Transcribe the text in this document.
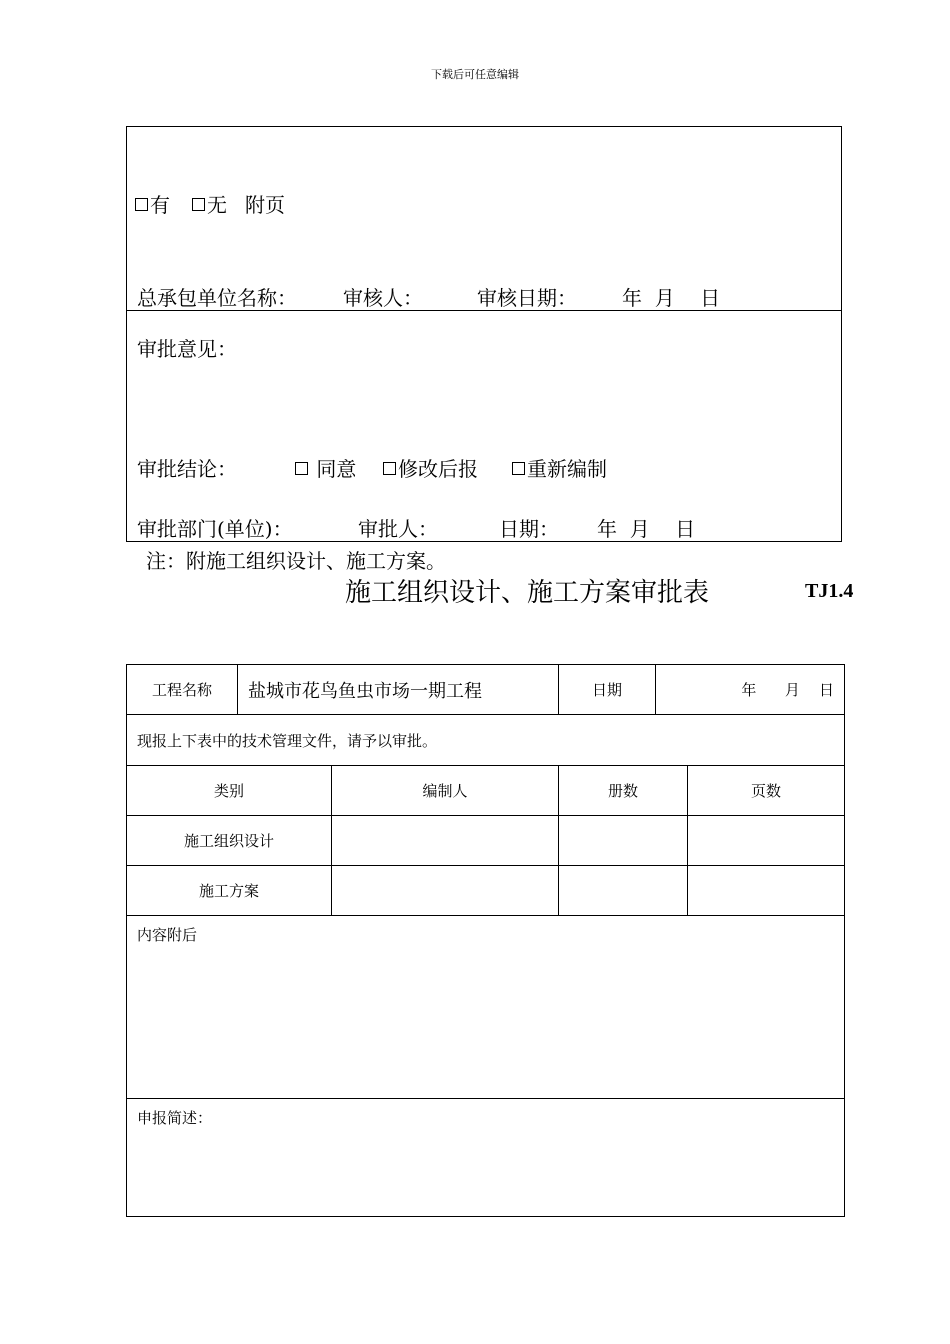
下载后可任意编辑
有 无 附页
总承包单位名称： 审核人：	审核日期： 年  月    日
审批意见：
审批结论：	同意	修改后报	重新编制
审批部门(单位)：	审批人：	日期： 年  月    日
注：附施工组织设计、施工方案。
施工组织设计、施工方案审批表	TJ1.4
工程名称	盐城市花鸟鱼虫市场一期工程		日期	年      月    日	
现报上下表中的技术管理文件，请予以审批。					
类别		编制人	册数		页数
施工组织设计					
施工方案					
内容附后					
申报简述：					
